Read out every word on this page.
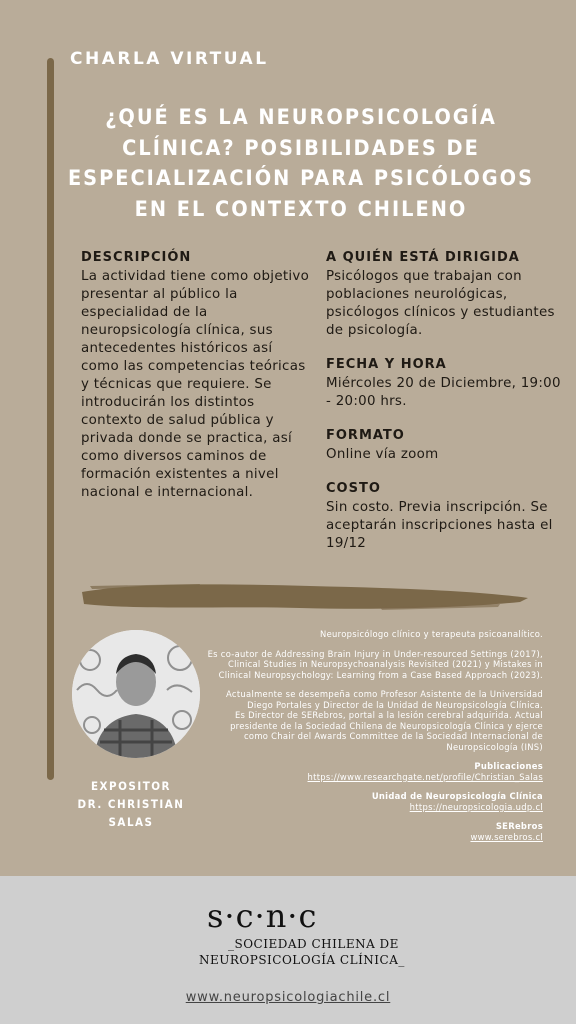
CHARLA VIRTUAL
¿QUÉ ES LA NEUROPSICOLOGÍA CLÍNICA? POSIBILIDADES DE ESPECIALIZACIÓN PARA PSICÓLOGOS EN EL CONTEXTO CHILENO
DESCRIPCIÓN
La actividad tiene como objetivo presentar al público la especialidad de la neuropsicología clínica, sus antecedentes históricos así como las competencias teóricas y técnicas que requiere. Se introducirán los distintos contexto de salud pública y privada donde se practica, así como diversos caminos de formación existentes a nivel nacional e internacional.
A QUIÉN ESTÁ DIRIGIDA
Psicólogos que trabajan con poblaciones neurológicas, psicólogos clínicos y estudiantes de psicología.
FECHA Y HORA
Miércoles 20 de Diciembre, 19:00 - 20:00 hrs.
FORMATO
Online vía zoom
COSTO
Sin costo. Previa inscripción. Se aceptarán inscripciones hasta el 19/12
EXPOSITOR
DR. CHRISTIAN SALAS
Neuropsicólogo clínico y terapeuta psicoanalítico.
Es co-autor de Addressing Brain Injury in Under-resourced Settings (2017), Clinical Studies in Neuropsychoanalysis Revisited (2021) y Mistakes in Clinical Neuropsychology: Learning from a Case Based Approach (2023).
Actualmente se desempeña como Profesor Asistente de la Universidad Diego Portales y Director de la Unidad de Neuropsicología Clínica.
Es Director de SERebros, portal a la lesión cerebral adquirida. Actual presidente de la Sociedad Chilena de Neuropsicología Clínica y ejerce como Chair del Awards Committee de la Sociedad Internacional de Neuropsicología (INS)
Publicaciones
https://www.researchgate.net/profile/Christian_Salas
Unidad de Neuropsicología Clínica
https://neuropsicologia.udp.cl
SERebros
www.serebros.cl
s·c·n·c
_SOCIEDAD CHILENA DE
NEUROPSICOLOGÍA CLÍNICA_
www.neuropsicologiachile.cl
